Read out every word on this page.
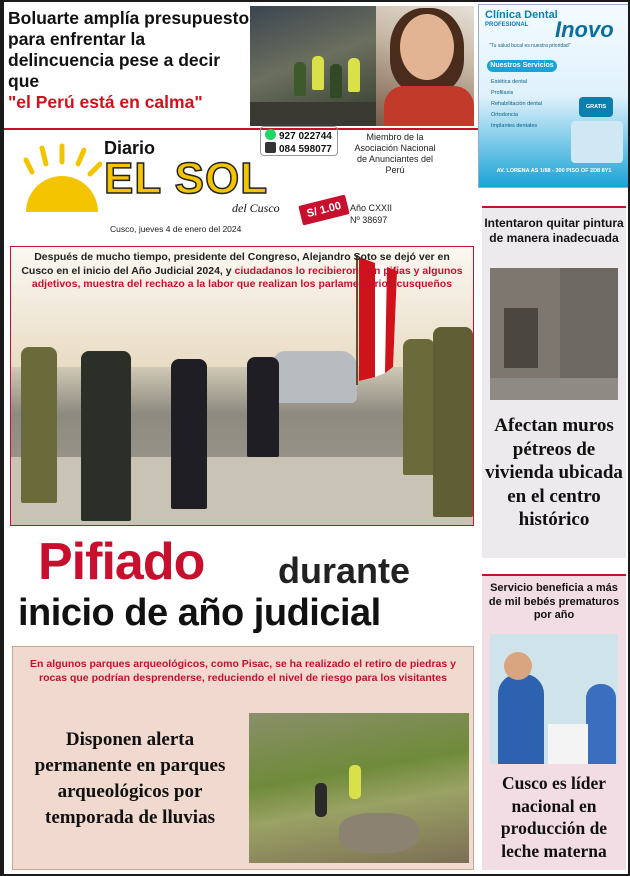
Boluarte amplía presupuesto para enfrentar la delincuencia pese a decir que
"el Perú está en calma"
Clínica Dental
PROFESIONAL Inovo
"Tu salud bucal es nuestra prioridad"
Nuestros Servicios
Estética dental
Profilaxis
Rehabilitación dental
Ortodoncia
Implantes dentales
GRATIS
AV. LORENA AS 1/88 - 300 PISO OF 2D8 8Y1
Diario
EL SOL
del Cusco	S/ 1.00
927 022744
084 598077
Miembro de la Asociación Nacional de Anunciantes del Perú
Año CXXII
Nº 38697
Cusco, jueves 4 de enero del 2024
Después de mucho tiempo, presidente del Congreso, Alejandro Soto se dejó ver en Cusco en el inicio del Año Judicial 2024, y ciudadanos lo recibieron con pifias y algunos adjetivos, muestra del rechazo a la labor que realizan los parlamentarios cusqueños
Pifiado durante
inicio de año judicial
En algunos parques arqueológicos, como Pisac, se ha realizado el retiro de piedras y rocas que podrían desprenderse, reduciendo el nivel de riesgo para los visitantes
Disponen alerta permanente en parques arqueológicos por temporada de lluvias
Intentaron quitar pintura de manera inadecuada
Afectan muros pétreos de vivienda ubicada en el centro histórico
Servicio beneficia a más de mil bebés prematuros por año
Cusco es líder nacional en producción de leche materna
